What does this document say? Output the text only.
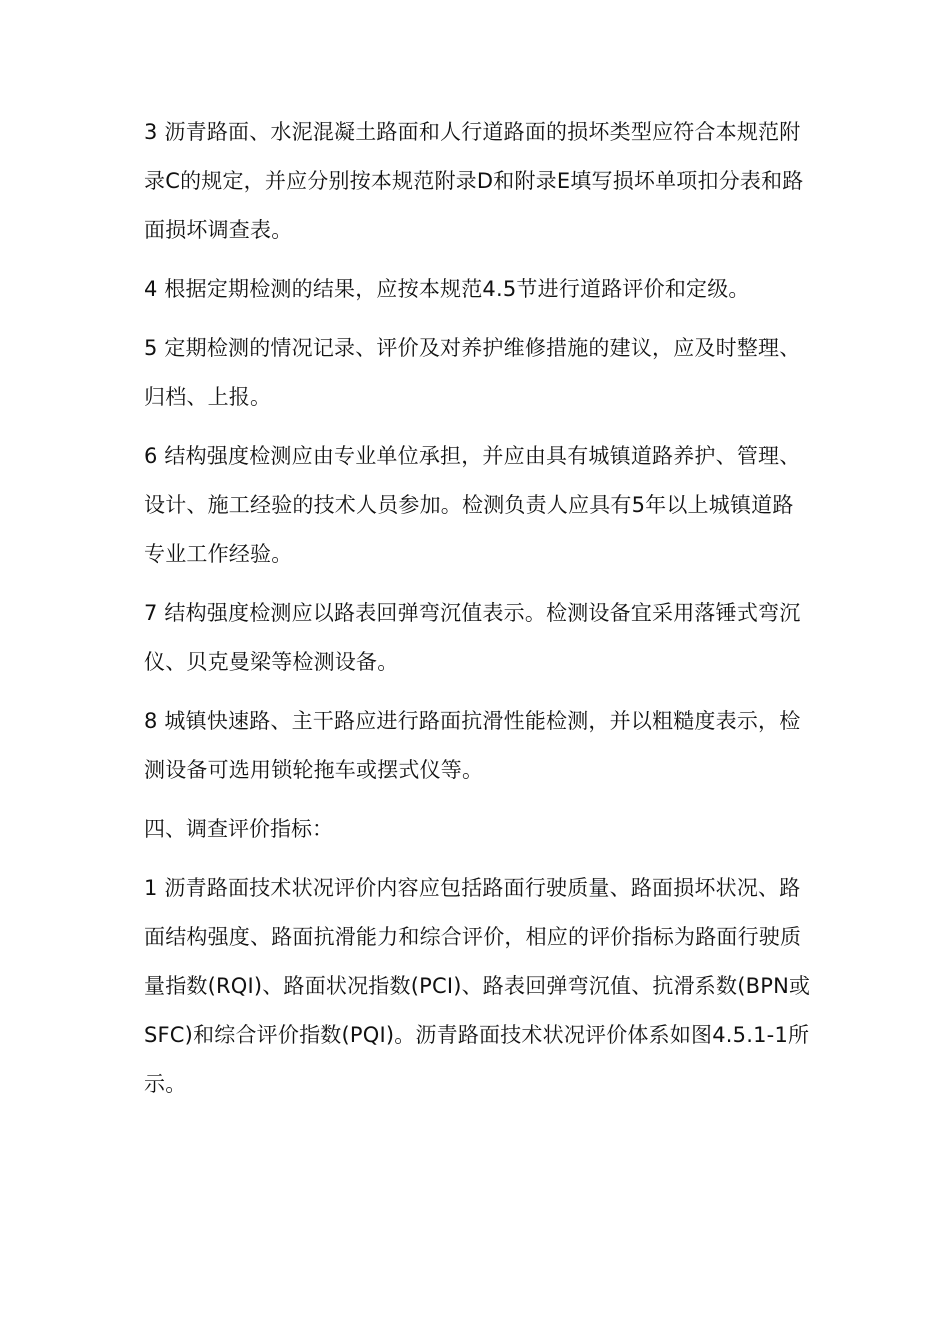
3 沥青路面、水泥混凝土路面和人行道路面的损坏类型应符合本规范附录C的规定，并应分别按本规范附录D和附录E填写损坏单项扣分表和路面损坏调查表。

4 根据定期检测的结果，应按本规范4.5节进行道路评价和定级。

5 定期检测的情况记录、评价及对养护维修措施的建议，应及时整理、归档、上报。

6 结构强度检测应由专业单位承担，并应由具有城镇道路养护、管理、设计、施工经验的技术人员参加。检测负责人应具有5年以上城镇道路专业工作经验。

7 结构强度检测应以路表回弹弯沉值表示。检测设备宜采用落锤式弯沉仪、贝克曼梁等检测设备。

8 城镇快速路、主干路应进行路面抗滑性能检测，并以粗糙度表示，检测设备可选用锁轮拖车或摆式仪等。

四、调查评价指标：

1 沥青路面技术状况评价内容应包括路面行驶质量、路面损坏状况、路面结构强度、路面抗滑能力和综合评价，相应的评价指标为路面行驶质量指数(RQI)、路面状况指数(PCI)、路表回弹弯沉值、抗滑系数(BPN或SFC)和综合评价指数(PQI)。沥青路面技术状况评价体系如图4.5.1-1所示。
